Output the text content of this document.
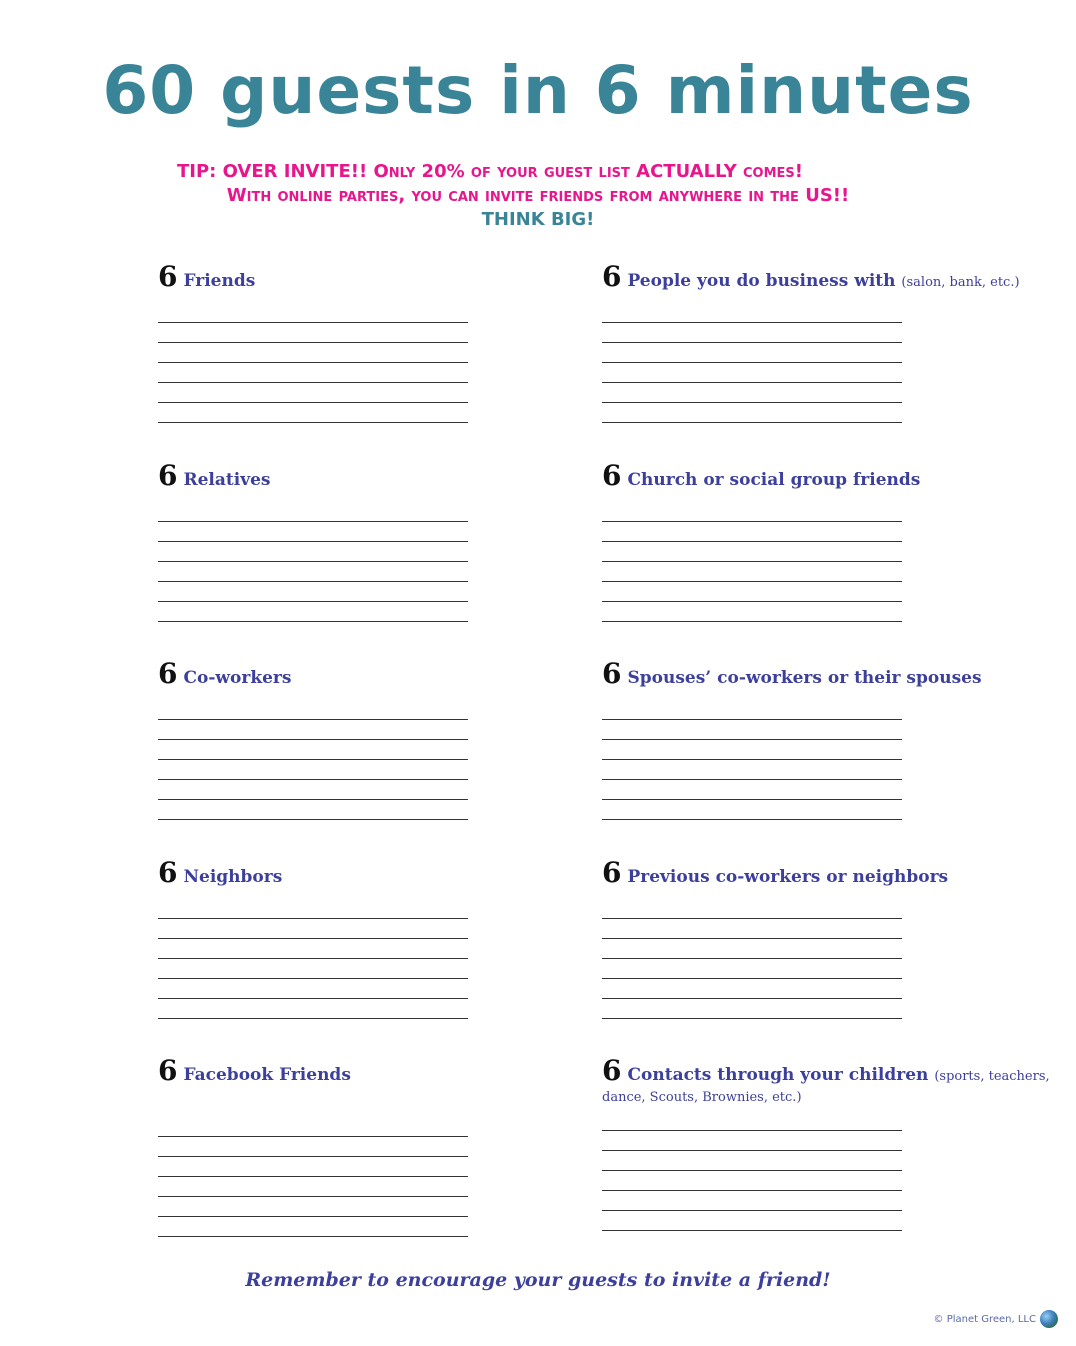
60 guests in 6 minutes
TIP: OVER INVITE!! Only 20% of your guest list ACTUALLY comes!
With online parties, you can invite friends from anywhere in the US!!
THINK BIG!
6 Friends	6 People you do business with (salon, bank, etc.)
6 Relatives	6 Church or social group friends
6 Co-workers	6 Spouses’ co-workers or their spouses
6 Neighbors	6 Previous co-workers or neighbors
6 Facebook Friends	6 Contacts through your children (sports, teachers,
dance, Scouts, Brownies, etc.)
Remember to encourage your guests to invite a friend!
© Planet Green, LLC
